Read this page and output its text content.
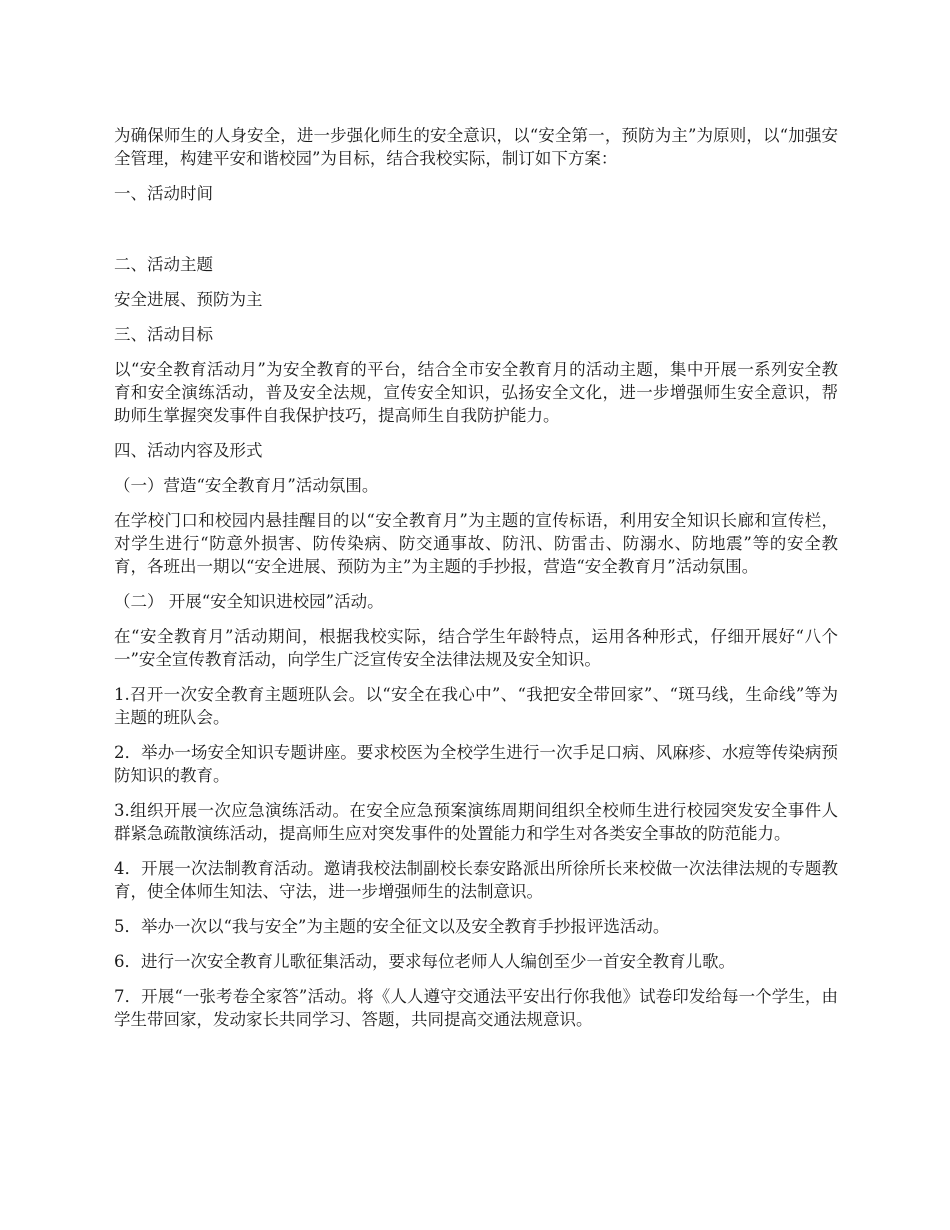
为确保师生的人身安全，进一步强化师生的安全意识，以“安全第一，预防为主”为原则，以“加强安全管理，构建平安和谐校园”为目标，结合我校实际，制订如下方案：

一、活动时间

二、活动主题

安全进展、预防为主

三、活动目标

以“安全教育活动月”为安全教育的平台，结合全市安全教育月的活动主题，集中开展一系列安全教育和安全演练活动，普及安全法规，宣传安全知识，弘扬安全文化，进一步增强师生安全意识，帮助师生掌握突发事件自我保护技巧，提高师生自我防护能力。

四、活动内容及形式

（一）营造“安全教育月”活动氛围。

在学校门口和校园内悬挂醒目的以“安全教育月”为主题的宣传标语，利用安全知识长廊和宣传栏，对学生进行“防意外损害、防传染病、防交通事故、防汛、防雷击、防溺水、防地震”等的安全教育，各班出一期以“安全进展、预防为主”为主题的手抄报，营造“安全教育月”活动氛围。

（二） 开展“安全知识进校园”活动。

在“安全教育月”活动期间，根据我校实际，结合学生年龄特点，运用各种形式，仔细开展好“八个一”安全宣传教育活动，向学生广泛宣传安全法律法规及安全知识。

1.召开一次安全教育主题班队会。以“安全在我心中”、“我把安全带回家”、“斑马线，生命线”等为主题的班队会。

2．举办一场安全知识专题讲座。要求校医为全校学生进行一次手足口病、风麻疹、水痘等传染病预防知识的教育。

3.组织开展一次应急演练活动。在安全应急预案演练周期间组织全校师生进行校园突发安全事件人群紧急疏散演练活动，提高师生应对突发事件的处置能力和学生对各类安全事故的防范能力。

4．开展一次法制教育活动。邀请我校法制副校长泰安路派出所徐所长来校做一次法律法规的专题教育，使全体师生知法、守法，进一步增强师生的法制意识。

5．举办一次以“我与安全”为主题的安全征文以及安全教育手抄报评选活动。

6．进行一次安全教育儿歌征集活动，要求每位老师人人编创至少一首安全教育儿歌。

7．开展“一张考卷全家答”活动。将《人人遵守交通法平安出行你我他》试卷印发给每一个学生，由学生带回家，发动家长共同学习、答题，共同提高交通法规意识。
